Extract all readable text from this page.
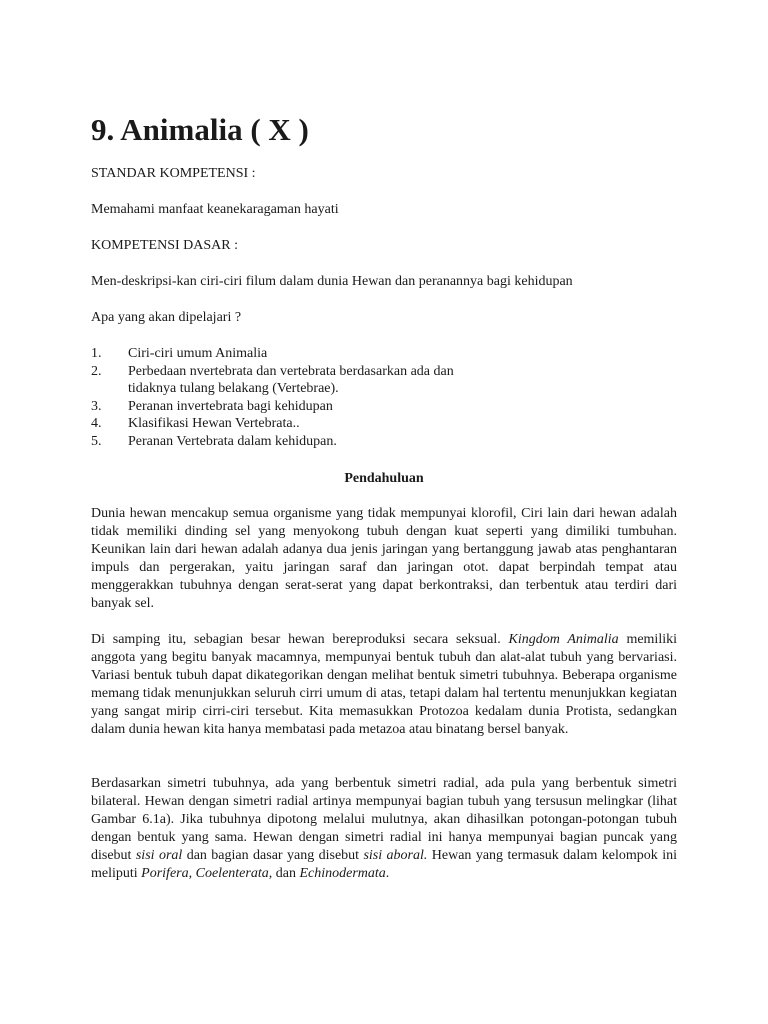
9. Animalia ( X )

STANDAR KOMPETENSI :

Memahami manfaat keanekaragaman hayati

KOMPETENSI DASAR :

Men-deskripsi-kan ciri-ciri filum dalam dunia Hewan dan peranannya bagi kehidupan

Apa yang akan dipelajari ?

1. Ciri-ciri umum Animalia
2. Perbedaan nvertebrata dan vertebrata berdasarkan ada dan
tidaknya tulang belakang (Vertebrae).
3. Peranan invertebrata bagi kehidupan
4. Klasifikasi Hewan Vertebrata..
5. Peranan Vertebrata dalam kehidupan.

Pendahuluan

Dunia hewan mencakup semua organisme yang tidak mempunyai klorofil, Ciri lain dari hewan adalah tidak memiliki dinding sel yang menyokong tubuh dengan kuat seperti yang dimiliki tumbuhan. Keunikan lain dari hewan adalah adanya dua jenis jaringan yang bertanggung jawab atas penghantaran impuls dan pergerakan, yaitu jaringan saraf dan jaringan otot. dapat berpindah tempat atau menggerakkan tubuhnya dengan serat-serat yang dapat berkontraksi, dan terbentuk atau terdiri dari banyak sel.

Di samping itu, sebagian besar hewan bereproduksi secara seksual. Kingdom Animalia memiliki anggota yang begitu banyak macamnya, mempunyai bentuk tubuh dan alat-alat tubuh yang bervariasi. Variasi bentuk tubuh dapat dikategorikan dengan melihat bentuk simetri tubuhnya. Beberapa organisme memang tidak menunjukkan seluruh cirri umum di atas, tetapi dalam hal tertentu menunjukkan kegiatan yang sangat mirip cirri-ciri tersebut. Kita memasukkan Protozoa kedalam dunia Protista, sedangkan dalam dunia hewan kita hanya membatasi pada metazoa atau binatang bersel banyak.

Berdasarkan simetri tubuhnya, ada yang berbentuk simetri radial, ada pula yang berbentuk simetri bilateral. Hewan dengan simetri radial artinya mempunyai bagian tubuh yang tersusun melingkar (lihat Gambar 6.1a). Jika tubuhnya dipotong melalui mulutnya, akan dihasilkan potongan-potongan tubuh dengan bentuk yang sama. Hewan dengan simetri radial ini hanya mempunyai bagian puncak yang disebut sisi oral dan bagian dasar yang disebut sisi aboral. Hewan yang termasuk dalam kelompok ini meliputi Porifera, Coelenterata, dan Echinodermata.
